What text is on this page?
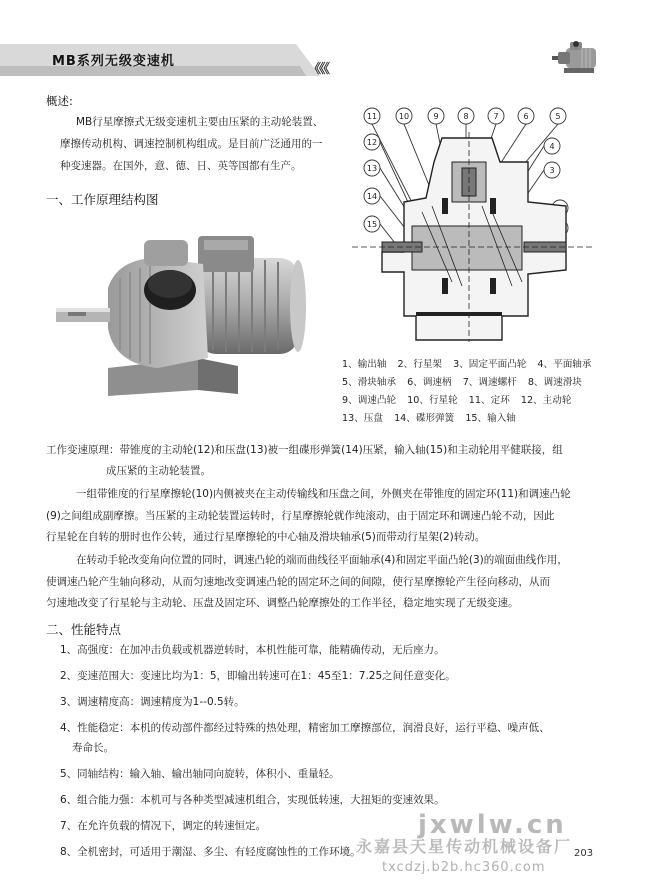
MB系列无级变速机
《《《
概述:
MB行星摩擦式无级变速机主要由压紧的主动轮装置、
摩擦传动机构、调速控制机构组成。是目前广泛通用的一
种变速器。在国外，意、德、日、英等国都有生产。
一、工作原理结构图
11	10	9	8	7	6	5
4
3
12
13
14
15
1、输出轴 2、行星架 3、固定平面凸轮 4、平面轴承
5、滑块轴承 6、调速柄 7、调速螺杆 8、调速滑块
9、调速凸轮 10、行星轮 11、定环 12、主动轮
13、压盘 14、碟形弹簧 15、输入轴
工作变速原理：带锥度的主动轮(12)和压盘(13)被一组碟形弹簧(14)压紧，输入轴(15)和主动轮用平健联接，组
成压紧的主动轮装置。
一组带锥度的行星摩擦轮(10)内侧被夹在主动传输线和压盘之间，外侧夹在带锥度的固定环(11)和调速凸轮
(9)之间组成副摩擦。当压紧的主动轮装置运转时，行星摩擦轮就作纯滚动，由于固定环和调速凸轮不动，因此
行星轮在自转的册时也作公转，通过行星摩擦轮的中心轴及滑块轴承(5)而带动行星架(2)转动。
在转动手轮改变角向位置的同时，调速凸轮的端而曲线径平面轴承(4)和固定平面凸轮(3)的端面曲线作用，
使调速凸轮产生轴向移动，从而匀速地改变调速凸轮的固定环之间的间隙，使行星摩擦轮产生径向移动，从而
匀速地改变了行星轮与主动轮、压盘及固定环、调整凸轮摩擦处的工作半径，稳定地实现了无级变速。
二、性能特点
1、高强度：在加冲击负载或机器逆转时，本机性能可靠，能精确传动，无后座力。
2、变速范围大：变速比均为1：5，即输出转速可在1：45至1：7.25之间任意变化。
3、调速精度高：调速精度为1--0.5转。
4、性能稳定：本机的传动部件都经过特殊的热处理，精密加工摩擦部位，润滑良好，运行平稳、噪声低、
寿命长。
5、同轴结构：输入轴、输出轴同向旋转，体积小、重量轻。
6、组合能力强：本机可与各种类型减速机组合，实现低转速，大扭矩的变速效果。
7、在允许负载的情况下，调定的转速恒定。
8、全机密封，可适用于潮湿、多尘、有轻度腐蚀性的工作环境。
永嘉县天星传动机械设备厂
jxwlw.cn
203
txcdzj.b2b.hc360.com
